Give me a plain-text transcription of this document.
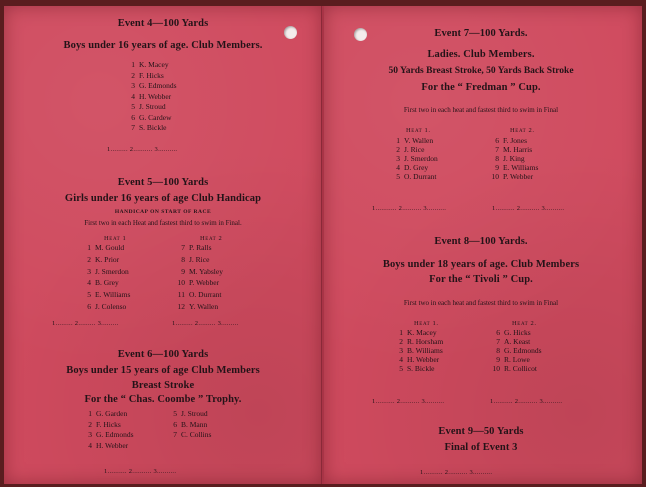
Event 4—100 Yards
Boys under 16 years of age. Club Members.
1 K. Macey
2 F. Hicks
3 G. Edmonds
4 H. Webber
5 J. Stroud
6 G. Cardew
7 S. Bickle
1......... 2.......... 3..........
Event 5—100 Yards
Girls under 16 years of age Club Handicap
HANDICAP ON START OF RACE
First two in each Heat and fastest third to swim in Final.
Heat 1	Heat 2
1 M. Gould
2 K. Prior
3 J. Smerdon
4 B. Grey
5 E. Williams
6 J. Colenso
7 P. Ralls
8 J. Rice
9 M. Yabsley
10 P. Webber
11 O. Durrant
12 Y. Wallen
1......... 2......... 3.........	1......... 2......... 3.........
Event 6—100 Yards
Boys under 15 years of age Club Members
Breast Stroke
For the “ Chas. Coombe ” Trophy.
1 G. Garden
2 F. Hicks
3 G. Edmonds
4 H. Webber
5 J. Stroud
6 B. Mann
7 C. Collins
1.......... 2.......... 3..........
Event 7—100 Yards.
Ladies. Club Members.
50 Yards Breast Stroke, 50 Yards Back Stroke
For the “ Fredman ” Cup.
First two in each heat and fastest third to swim in Final
Heat 1.	Heat 2.
1 V. Wallen
2 J. Rice
3 J. Smerdon
4 D. Grey
5 O. Durrant
6 F. Jones
7 M. Harris
8 J. King
9 E. Williams
10 P. Webber
1........... 2.......... 3..........	1.......... 2.......... 3..........
Event 8—100 Yards.
Boys under 18 years of age. Club Members
For the “ Tivoli ” Cup.
First two in each heat and fastest third to swim in Final
Heat 1.	Heat 2.
1 K. Macey
2 R. Horsham
3 B. Williams
4 H. Webber
5 S. Bickle
6 G. Hicks
7 A. Keast
8 G. Edmonds
9 R. Lowe
10 R. Collicot
1.......... 2.......... 3..........	1.......... 2.......... 3..........
Event 9—50 Yards
Final of Event 3
1.......... 2.......... 3..........
